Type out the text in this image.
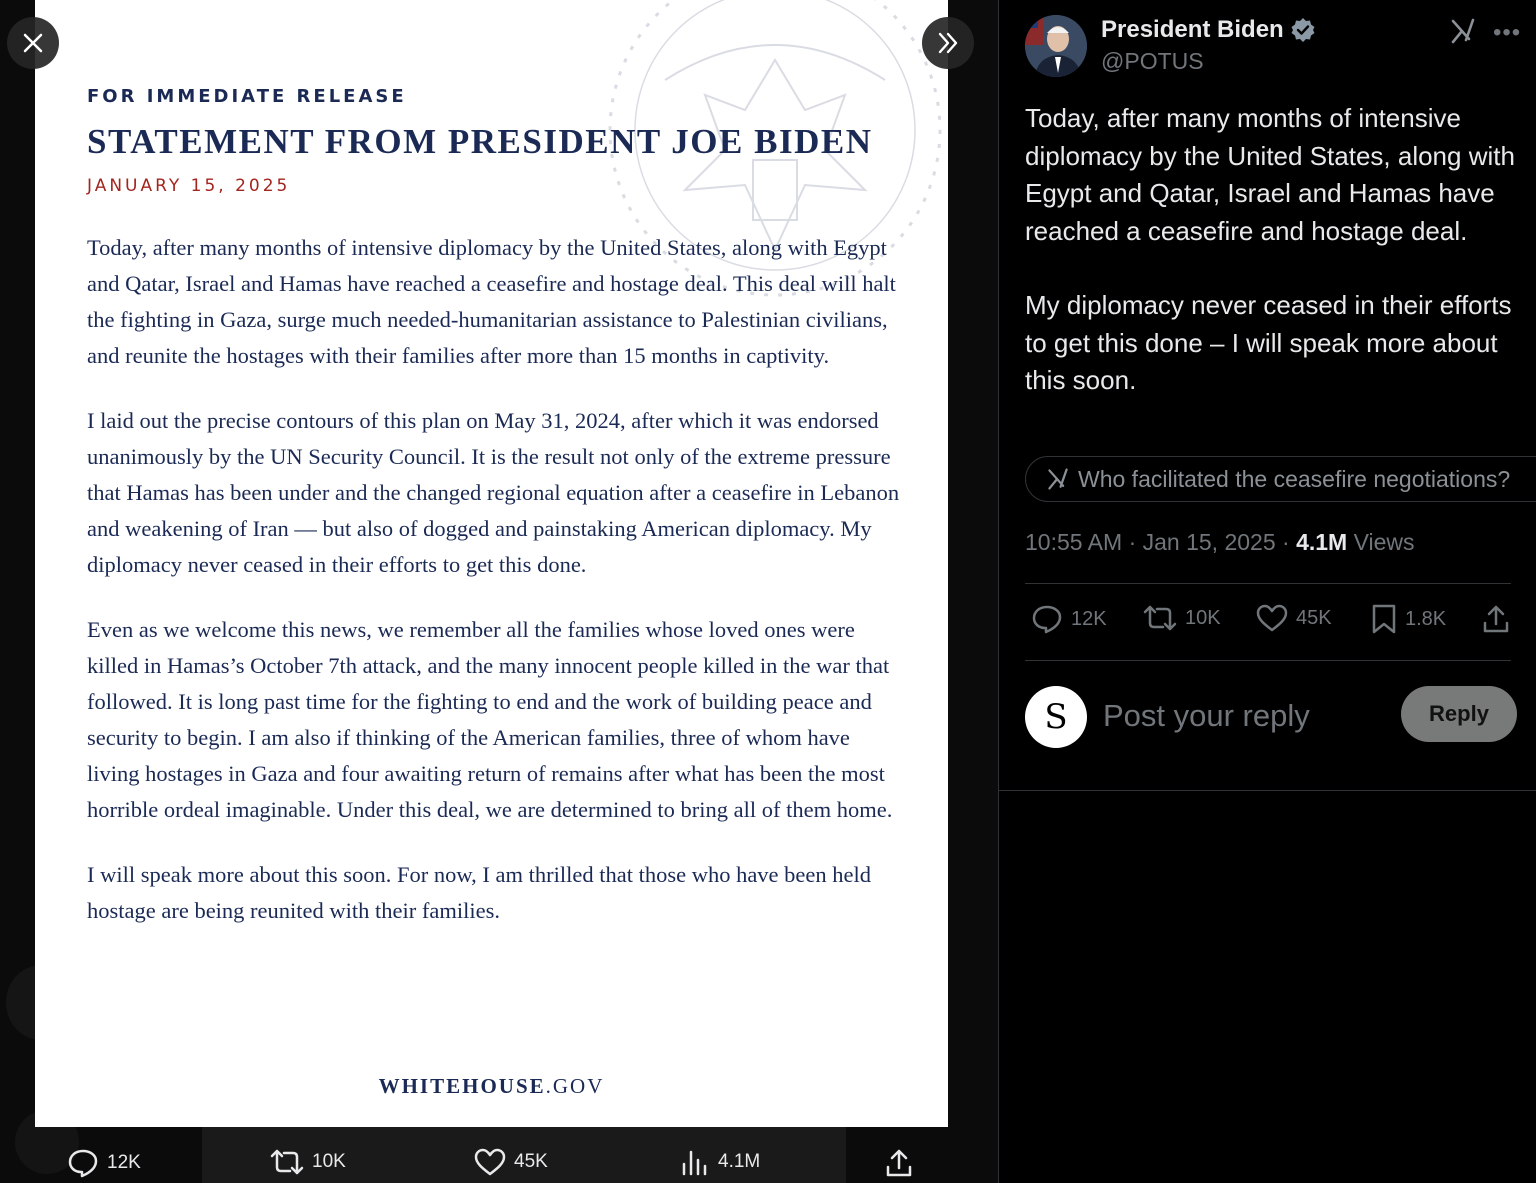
FOR IMMEDIATE RELEASE
STATEMENT FROM PRESIDENT JOE BIDEN
JANUARY 15, 2025

Today, after many months of intensive diplomacy by the United States, along with Egypt and Qatar, Israel and Hamas have reached a ceasefire and hostage deal. This deal will halt the fighting in Gaza, surge much needed-humanitarian assistance to Palestinian civilians, and reunite the hostages with their families after more than 15 months in captivity.

I laid out the precise contours of this plan on May 31, 2024, after which it was endorsed unanimously by the UN Security Council. It is the result not only of the extreme pressure that Hamas has been under and the changed regional equation after a ceasefire in Lebanon and weakening of Iran — but also of dogged and painstaking American diplomacy. My diplomacy never ceased in their efforts to get this done.

Even as we welcome this news, we remember all the families whose loved ones were killed in Hamas’s October 7th attack, and the many innocent people killed in the war that followed. It is long past time for the fighting to end and the work of building peace and security to begin. I am also if thinking of the American families, three of whom have living hostages in Gaza and four awaiting return of remains after what has been the most horrible ordeal imaginable. Under this deal, we are determined to bring all of them home.

I will speak more about this soon. For now, I am thrilled that those who have been held hostage are being reunited with their families.

WHITEHOUSE.GOV
12K	10K	45K	4.1M
President Biden
@POTUS
•••

Today, after many months of intensive diplomacy by the United States, along with Egypt and Qatar, Israel and Hamas have reached a ceasefire and hostage deal.

My diplomacy never ceased in their efforts to get this done – I will speak more about this soon.

Who facilitated the ceasefire negotiations?
10:55 AM · Jan 15, 2025 · 4.1M Views
12K	10K	45K	1.8K
S
Post your reply	Reply
